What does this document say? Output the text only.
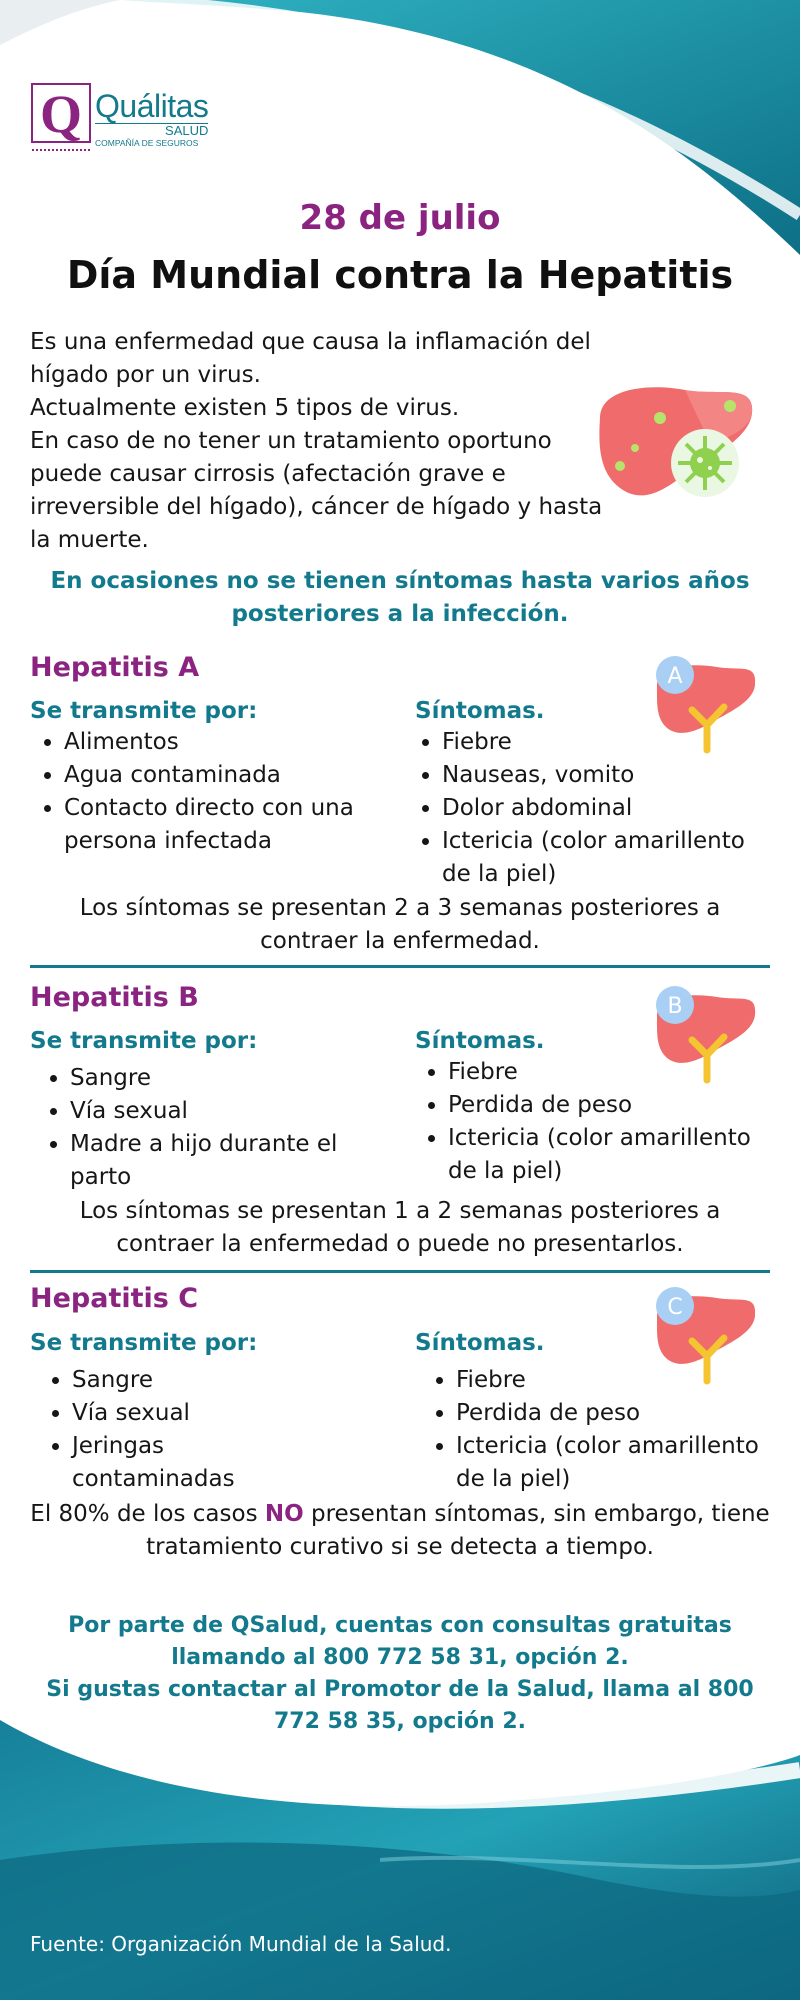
Q Quálitas
SALUD
COMPAÑÍA DE SEGUROS
28 de julio
Día Mundial contra la Hepatitis

Es una enfermedad que causa la inflamación del hígado por un virus.

Actualmente existen 5 tipos de virus.

En caso de no tener un tratamiento oportuno puede causar cirrosis (afectación grave e irreversible del hígado), cáncer de hígado y hasta la muerte.

En ocasiones no se tienen síntomas hasta varios años posteriores a la infección.
Hepatitis A	A
Se transmite por:
• Alimentos
• Agua contaminada
• Contacto directo con una persona infectada
Síntomas.
• Fiebre
• Nauseas, vomito
• Dolor abdominal
• Ictericia (color amarillento de la piel)
Los síntomas se presentan 2 a 3 semanas posteriores a contraer la enfermedad.
Hepatitis B	B
Se transmite por:
• Sangre
• Vía sexual
• Madre a hijo durante el parto
Síntomas.
• Fiebre
• Perdida de peso
• Ictericia (color amarillento de la piel)
Los síntomas se presentan 1 a 2 semanas posteriores a contraer la enfermedad o puede no presentarlos.
Hepatitis C	C
Se transmite por:
• Sangre
• Vía sexual
• Jeringas contaminadas
Síntomas.
• Fiebre
• Perdida de peso
• Ictericia (color amarillento de la piel)
El 80% de los casos NO presentan síntomas, sin embargo, tiene tratamiento curativo si se detecta a tiempo.

Por parte de QSalud, cuentas con consultas gratuitas llamando al 800 772 58 31, opción 2.

Si gustas contactar al Promotor de la Salud, llama al 800 772 58 35, opción 2.

Fuente: Organización Mundial de la Salud.
